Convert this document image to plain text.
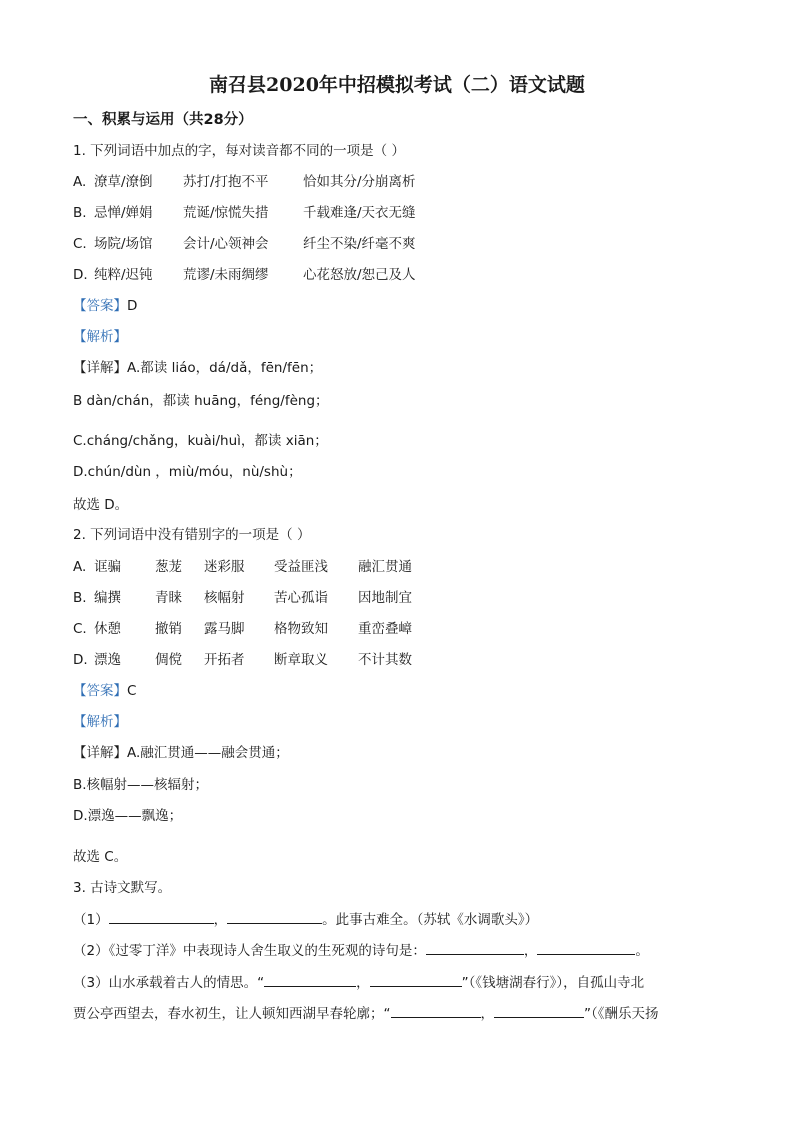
南召县2020年中招模拟考试（二）语文试题
一、积累与运用（共28分）
1. 下列词语中加点的字，每对读音都不同的一项是（ ）
A. 潦草/潦倒 苏打/打抱不平	恰如其分/分崩离析
B. 忌惮/婵娟 荒诞/惊慌失措	千载难逢/天衣无缝
C. 场院/场馆 会计/心领神会	纤尘不染/纤毫不爽
D. 纯粹/迟钝 荒谬/未雨绸缪	心花怒放/恕己及人
【答案】D
【解析】
【详解】A.都读 liáo，dá/dǎ，fēn/fēn；
B dàn/chán，都读 huāng，féng/fèng；
C.cháng/chǎng，kuài/huì，都读 xiān；
D.chún/dùn ，miù/móu，nù/shù；
故选 D。
2. 下列词语中没有错别字的一项是（ ）
A. 诓骗	葱茏 迷彩服 受益匪浅 融汇贯通
B. 编撰	青睐 核幅射 苦心孤诣 因地制宜
C. 休憩	撤销 露马脚 格物致知 重峦叠嶂
D. 漂逸	倜傥 开拓者 断章取义 不计其数
【答案】C
【解析】
【详解】A.融汇贯通——融会贯通；
B.核幅射——核辐射；
D.漂逸——飘逸；
故选 C。
3. 古诗文默写。
（1）	，	。此事古难全。（苏轼《水调歌头》）
（2）《过零丁洋》中表现诗人舍生取义的生死观的诗句是：	，	。
（3）山水承载着古人的情思。“	，	”（《钱塘湖春行》），自孤山寺北
贾公亭西望去，春水初生，让人顿知西湖早春轮廓；“	，	”（《酬乐天扬
